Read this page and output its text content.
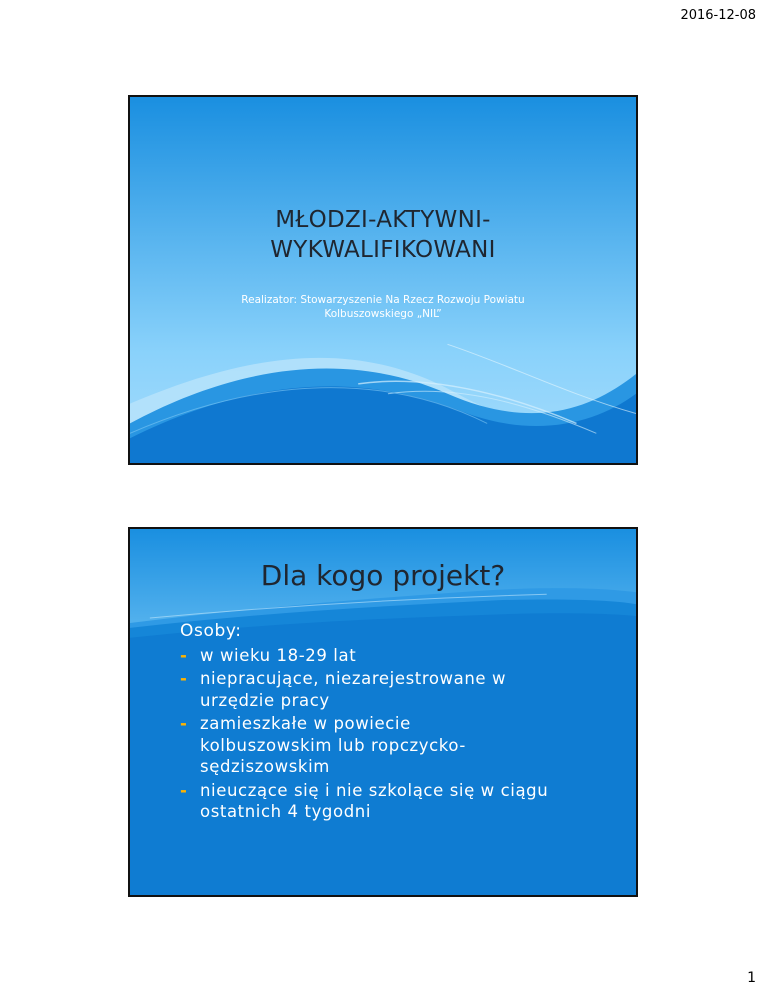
2016-12-08
MŁODZI-AKTYWNI-
WYKWALIFIKOWANI
Realizator: Stowarzyszenie Na Rzecz Rozwoju Powiatu
Kolbuszowskiego „NIL”
Dla kogo projekt?
Osoby:
- w wieku 18-29 lat
- niepracujące, niezarejestrowane w
urzędzie pracy
- zamieszkałe w powiecie
kolbuszowskim lub ropczycko-
sędziszowskim
- nieuczące się i nie szkolące się w ciągu
ostatnich 4 tygodni
1
